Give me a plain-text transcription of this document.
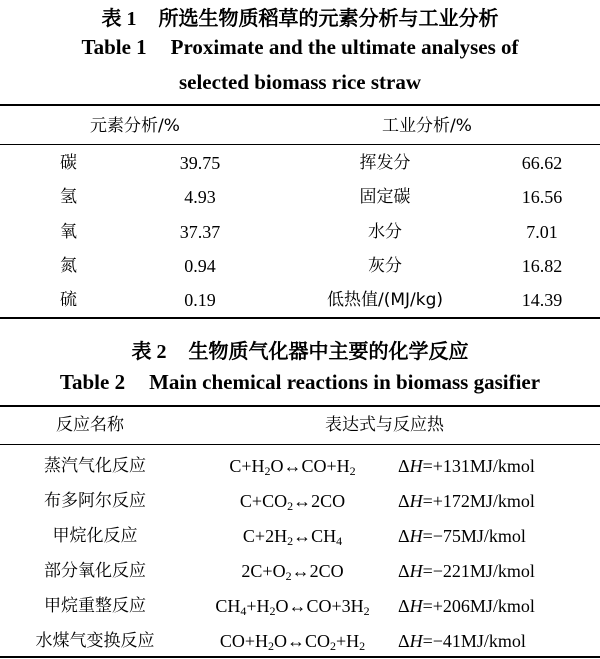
表 1 所选生物质稻草的元素分析与工业分析
Table 1 Proximate and the ultimate analyses of
selected biomass rice straw
元素分析/%	工业分析/%
碳	39.75	挥发分	66.62
氢	4.93	固定碳	16.56
氧	37.37	水分	7.01
氮	0.94	灰分	16.82
硫	0.19	低热值/(MJ/kg)	14.39
表 2 生物质气化器中主要的化学反应
Table 2 Main chemical reactions in biomass gasifier
反应名称	表达式与反应热
蒸汽气化反应	$C+H_2O\leftrightarrow CO+H_2$	ΔH=+131MJ/kmol
布多阿尔反应	$C+CO_2\leftrightarrow 2CO$	ΔH=+172MJ/kmol
甲烷化反应	$C+2H_2\leftrightarrow CH_4$	ΔH=−75MJ/kmol
部分氧化反应	$2C+O_2\leftrightarrow 2CO$	ΔH=−221MJ/kmol
甲烷重整反应	$CH_4+H_2O\leftrightarrow CO+3H_2$	ΔH=+206MJ/kmol
水煤气变换反应	$CO+H_2O\leftrightarrow CO_2+H_2$	ΔH=−41MJ/kmol
